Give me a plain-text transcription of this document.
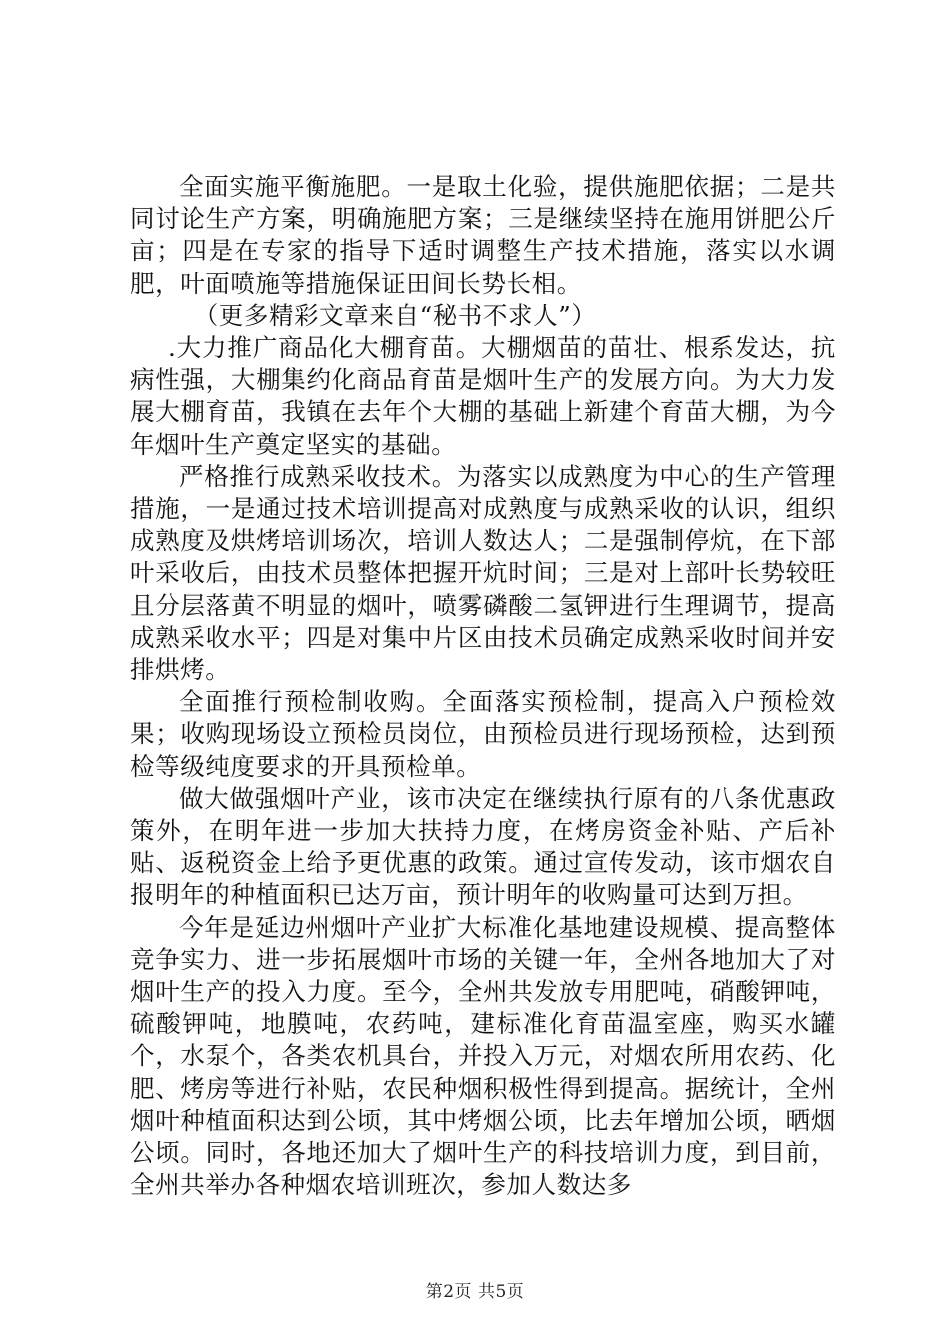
全面实施平衡施肥。一是取土化验，提供施肥依据；二是共同讨论生产方案，明确施肥方案；三是继续坚持在施用饼肥公斤亩；四是在专家的指导下适时调整生产技术措施，落实以水调肥，叶面喷施等措施保证田间长势长相。

（更多精彩文章来自“秘书不求人”）

.大力推广商品化大棚育苗。大棚烟苗的苗壮、根系发达，抗病性强，大棚集约化商品育苗是烟叶生产的发展方向。为大力发展大棚育苗，我镇在去年个大棚的基础上新建个育苗大棚，为今年烟叶生产奠定坚实的基础。

严格推行成熟采收技术。为落实以成熟度为中心的生产管理措施，一是通过技术培训提高对成熟度与成熟采收的认识，组织成熟度及烘烤培训场次，培训人数达人；二是强制停炕，在下部叶采收后，由技术员整体把握开炕时间；三是对上部叶长势较旺且分层落黄不明显的烟叶，喷雾磷酸二氢钾进行生理调节，提高成熟采收水平；四是对集中片区由技术员确定成熟采收时间并安排烘烤。

全面推行预检制收购。全面落实预检制，提高入户预检效果；收购现场设立预检员岗位，由预检员进行现场预检，达到预检等级纯度要求的开具预检单。

做大做强烟叶产业，该市决定在继续执行原有的八条优惠政策外，在明年进一步加大扶持力度，在烤房资金补贴、产后补贴、返税资金上给予更优惠的政策。通过宣传发动，该市烟农自报明年的种植面积已达万亩，预计明年的收购量可达到万担。

今年是延边州烟叶产业扩大标准化基地建设规模、提高整体竞争实力、进一步拓展烟叶市场的关键一年，全州各地加大了对烟叶生产的投入力度。至今，全州共发放专用肥吨，硝酸钾吨，硫酸钾吨，地膜吨，农药吨，建标准化育苗温室座，购买水罐个，水泵个，各类农机具台，并投入万元，对烟农所用农药、化肥、烤房等进行补贴，农民种烟积极性得到提高。据统计，全州烟叶种植面积达到公顷，其中烤烟公顷，比去年增加公顷，晒烟公顷。同时，各地还加大了烟叶生产的科技培训力度，到目前，全州共举办各种烟农培训班次，参加人数达多

第2页 共5页
